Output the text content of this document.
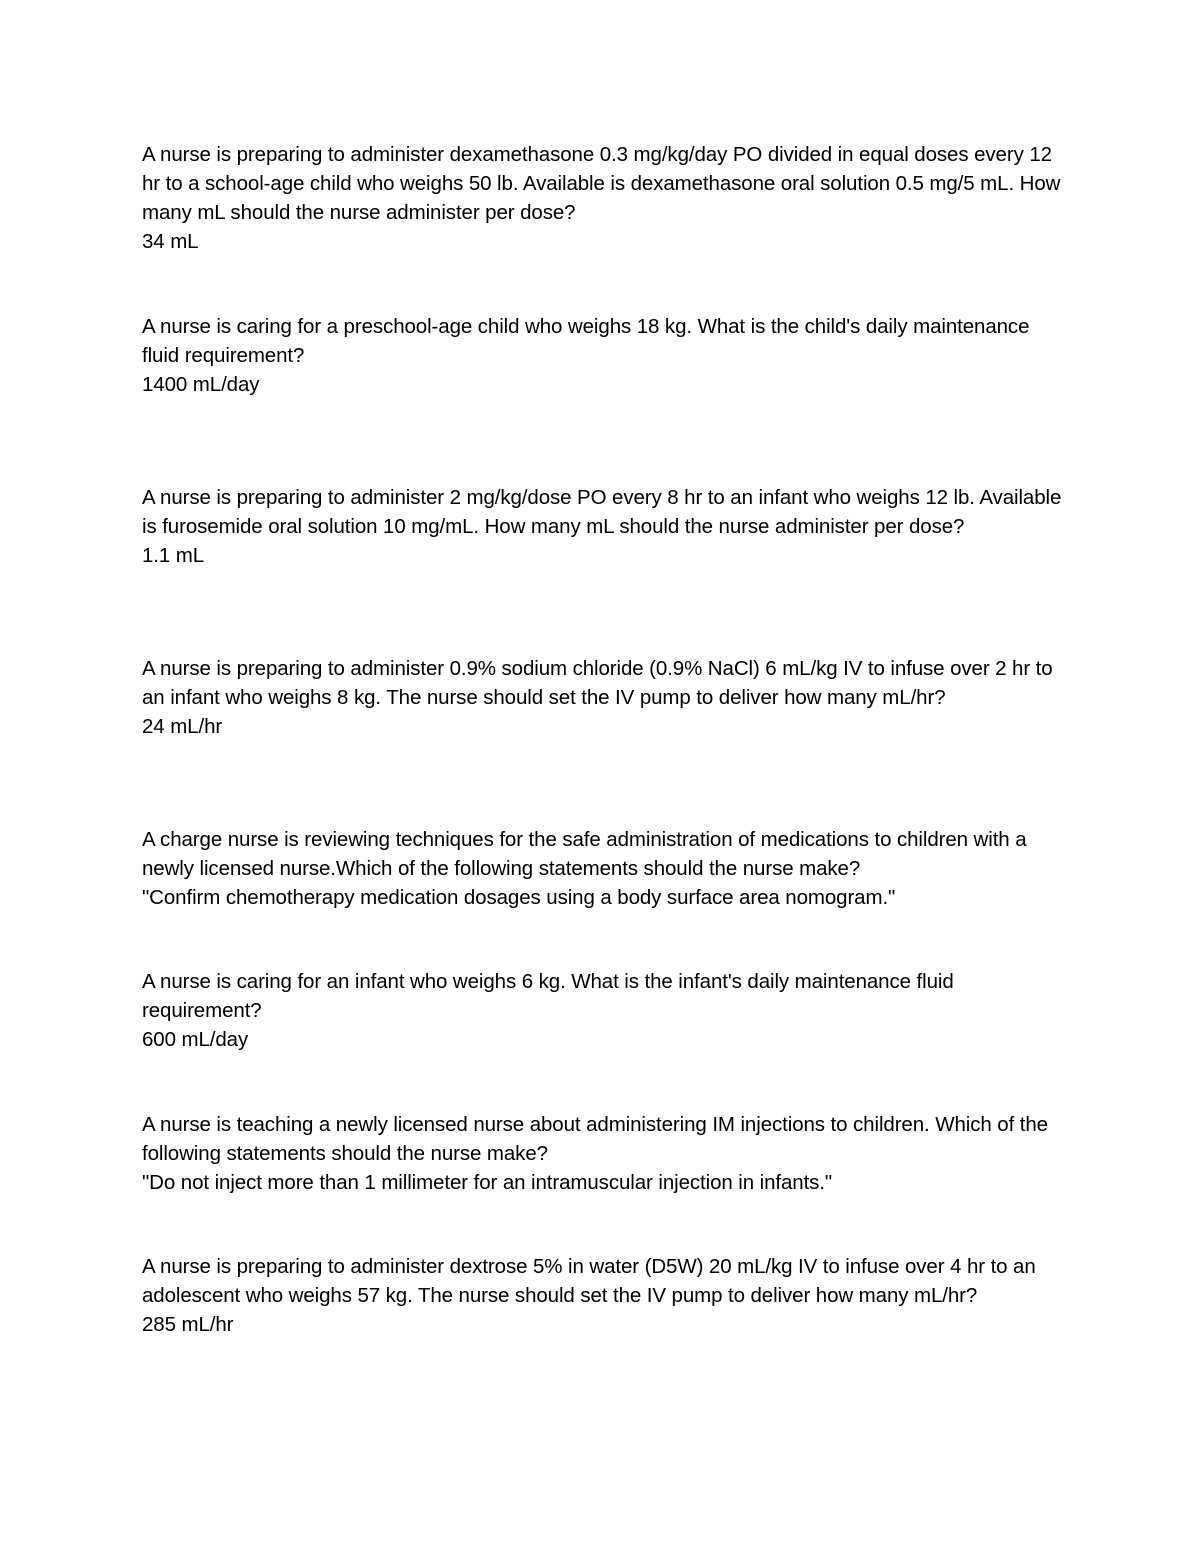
A nurse is preparing to administer dexamethasone 0.3 mg/kg/day PO divided in equal doses every 12 hr to a school-age child who weighs 50 lb. Available is dexamethasone oral solution 0.5 mg/5 mL. How many mL should the nurse administer per dose?

34 mL

A nurse is caring for a preschool-age child who weighs 18 kg. What is the child's daily maintenance fluid requirement?

1400 mL/day

A nurse is preparing to administer 2 mg/kg/dose PO every 8 hr to an infant who weighs 12 lb. Available is furosemide oral solution 10 mg/mL. How many mL should the nurse administer per dose?

1.1 mL

A nurse is preparing to administer 0.9% sodium chloride (0.9% NaCl) 6 mL/kg IV to infuse over 2 hr to an infant who weighs 8 kg. The nurse should set the IV pump to deliver how many mL/hr?

24 mL/hr

A charge nurse is reviewing techniques for the safe administration of medications to children with a newly licensed nurse.Which of the following statements should the nurse make?

"Confirm chemotherapy medication dosages using a body surface area nomogram."

A nurse is caring for an infant who weighs 6 kg. What is the infant's daily maintenance fluid requirement?

600 mL/day

A nurse is teaching a newly licensed nurse about administering IM injections to children. Which of the following statements should the nurse make?

"Do not inject more than 1 millimeter for an intramuscular injection in infants."

A nurse is preparing to administer dextrose 5% in water (D5W) 20 mL/kg IV to infuse over 4 hr to an adolescent who weighs 57 kg. The nurse should set the IV pump to deliver how many mL/hr?

285 mL/hr
